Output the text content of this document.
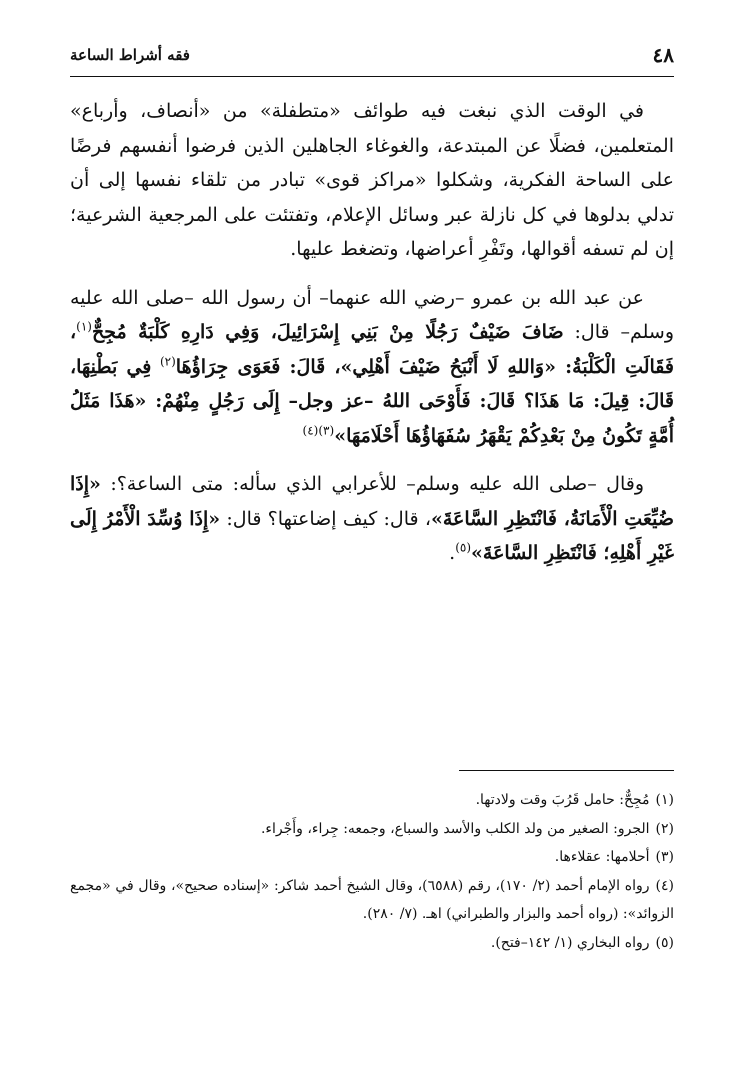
٤٨
فقه أشراط الساعة

في الوقت الذي نبغت فيه طوائف «متطفلة» من «أنصاف، وأرباع» المتعلمين، فضلًا عن المبتدعة، والغوغاء الجاهلين الذين فرضوا أنفسهم فرضًا على الساحة الفكرية، وشكلوا «مراكز قوى» تبادر من تلقاء نفسها إلى أن تدلي بدلوها في كل نازلة عبر وسائل الإعلام، وتفتئت على المرجعية الشرعية؛ إن لم تسفه أقوالها، وتَفْرِ أعراضها، وتضغط عليها.

عن عبد الله بن عمرو –رضي الله عنهما– أن رسول الله –صلى الله عليه وسلم– قال: ضَافَ ضَيْفٌ رَجُلًا مِنْ بَنِي إِسْرَائِيلَ، وَفِي دَارِهِ كَلْبَةٌ مُجِحٌّ$^{(١)}$، فَقَالَتِ الْكَلْبَةُ: «وَاللهِ لَا أَنْبَحُ ضَيْفَ أَهْلِي»، قَالَ: فَعَوَى جِرَاؤُهَا$^{(٢)}$ فِي بَطْنِهَا، قَالَ: قِيلَ: مَا هَذَا؟ قَالَ: فَأَوْحَى اللهُ –عز وجل– إِلَى رَجُلٍ مِنْهُمْ: «هَذَا مَثَلُ أُمَّةٍ تَكُونُ مِنْ بَعْدِكُمْ يَقْهَرُ سُفَهَاؤُهَا أَحْلَامَهَا»$^{(٣)(٤)}$

وقال –صلى الله عليه وسلم– للأعرابي الذي سأله: متى الساعة؟: «إِذَا ضُيِّعَتِ الْأَمَانَةُ، فَانْتَظِرِ السَّاعَةَ»، قال: كيف إضاعتها؟ قال: «إِذَا وُسِّدَ الْأَمْرُ إِلَى غَيْرِ أَهْلِهِ؛ فَانْتَظِرِ السَّاعَةَ»$^{(٥)}$.

(١)مُجِحٌّ: حامل قَرُبَ وقت ولادتها.

(٢)الجرو: الصغير من ولد الكلب والأسد والسباع، وجمعه: جِراء، وأَجْراء.

(٣)أحلامها: عقلاءها.

(٤)رواه الإمام أحمد (٢/ ١٧٠)، رقم (٦٥٨٨)، وقال الشيخ أحمد شاكر: «إسناده صحيح»، وقال في «مجمع الزوائد»: (رواه أحمد والبزار والطبراني) اهـ. (٧/ ٢٨٠).

(٥)رواه البخاري (١/ ١٤٢–فتح).
